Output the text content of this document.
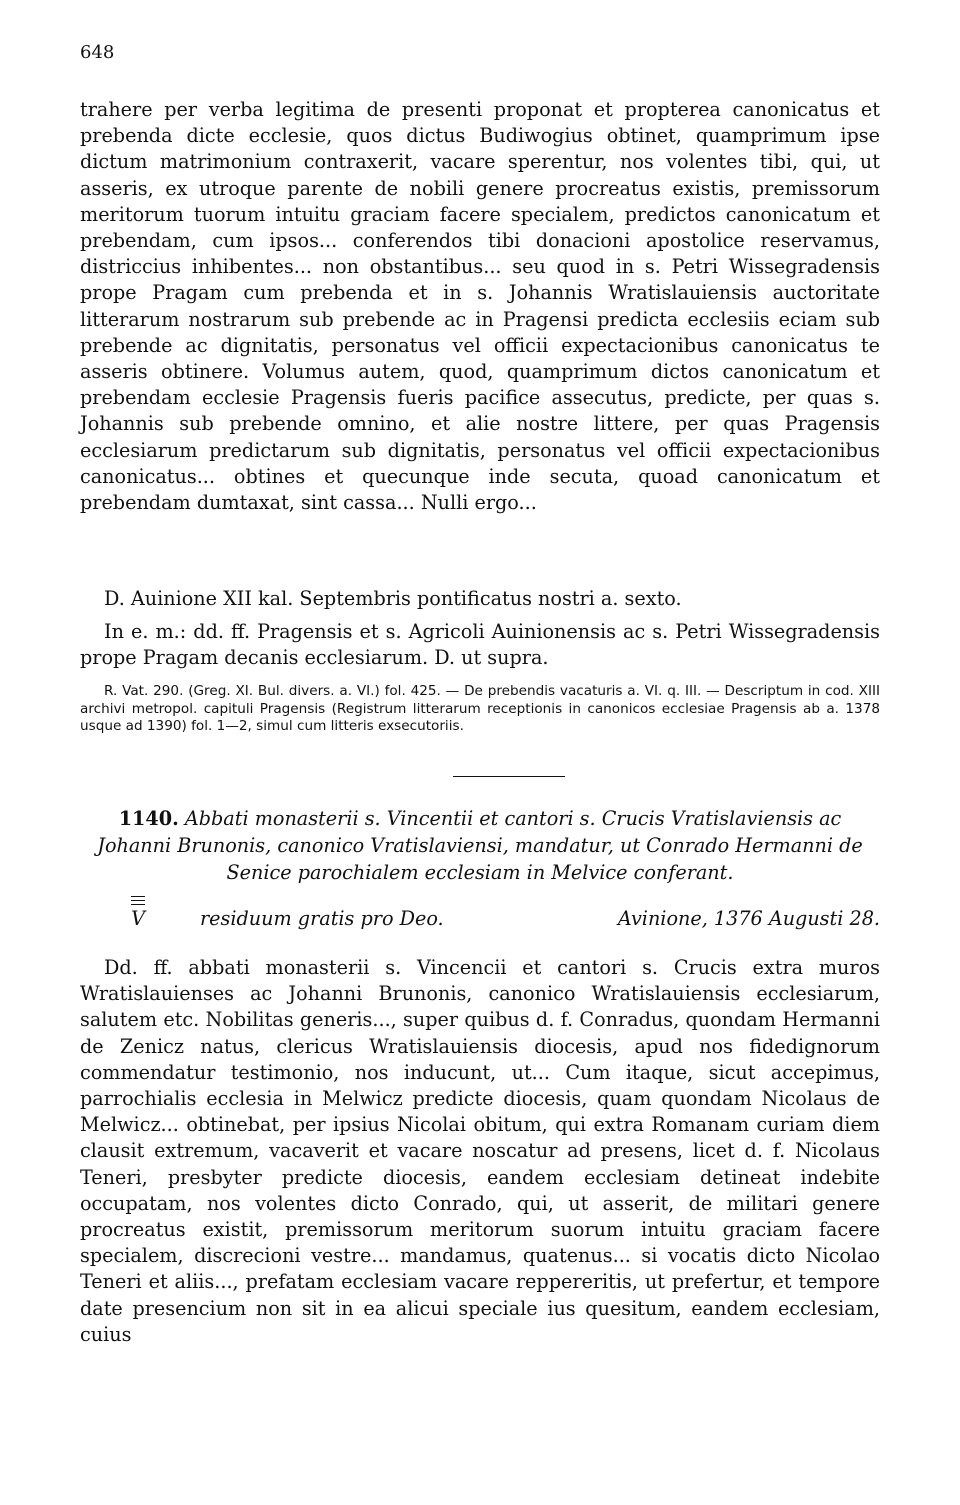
648

trahere per verba legitima de presenti proponat et propterea canonicatus et prebenda dicte ecclesie, quos dictus Budiwogius obtinet, quamprimum ipse dictum matrimonium contraxerit, vacare sperentur, nos volentes tibi, qui, ut asseris, ex utroque parente de nobili genere procreatus existis, premissorum meritorum tuorum intuitu graciam facere specialem, predictos canonicatum et prebendam, cum ipsos... conferendos tibi donacioni apostolice reservamus, districcius inhibentes... non obstantibus... seu quod in s. Petri Wissegradensis prope Pragam cum prebenda et in s. Johannis Wratislauiensis auctoritate litterarum nostrarum sub prebende ac in Pragensi predicta ecclesiis eciam sub prebende ac dignitatis, personatus vel officii expectacionibus canonicatus te asseris obtinere. Volumus autem, quod, quamprimum dictos canonicatum et prebendam ecclesie Pragensis fueris pacifice assecutus, predicte, per quas s. Johannis sub prebende omnino, et alie nostre littere, per quas Pragensis ecclesiarum predictarum sub dignitatis, personatus vel officii expectacionibus canonicatus... obtines et quecunque inde secuta, quoad canonicatum et prebendam dumtaxat, sint cassa... Nulli ergo...

D. Auinione XII kal. Septembris pontificatus nostri a. sexto.

In e. m.: dd. ff. Pragensis et s. Agricoli Auinionensis ac s. Petri Wissegradensis prope Pragam decanis ecclesiarum. D. ut supra.

R. Vat. 290. (Greg. XI. Bul. divers. a. VI.) fol. 425. — De prebendis vacaturis a. VI. q. III. — Descriptum in cod. XIII archivi metropol. capituli Pragensis (Registrum litterarum receptionis in canonicos ecclesiae Pragensis ab a. 1378 usque ad 1390) fol. 1—2, simul cum litteris exsecutoriis.

1140. Abbati monasterii s. Vincentii et cantori s. Crucis Vratislaviensis ac Johanni Brunonis, canonico Vratislaviensi, mandatur, ut Conrado Hermanni de Senice parochialem ecclesiam in Melvice conferant.

V	residuum gratis pro Deo.	Avinione, 1376 Augusti 28.

Dd. ff. abbati monasterii s. Vincencii et cantori s. Crucis extra muros Wratislauienses ac Johanni Brunonis, canonico Wratislauiensis ecclesiarum, salutem etc. Nobilitas generis..., super quibus d. f. Conradus, quondam Hermanni de Zenicz natus, clericus Wratislauiensis diocesis, apud nos fidedignorum commendatur testimonio, nos inducunt, ut... Cum itaque, sicut accepimus, parrochialis ecclesia in Melwicz predicte diocesis, quam quondam Nicolaus de Melwicz... obtinebat, per ipsius Nicolai obitum, qui extra Romanam curiam diem clausit extremum, vacaverit et vacare noscatur ad presens, licet d. f. Nicolaus Teneri, presbyter predicte diocesis, eandem ecclesiam detineat indebite occupatam, nos volentes dicto Conrado, qui, ut asserit, de militari genere procreatus existit, premissorum meritorum suorum intuitu graciam facere specialem, discrecioni vestre... mandamus, quatenus... si vocatis dicto Nicolao Teneri et aliis..., prefatam ecclesiam vacare reppereritis, ut prefertur, et tempore date presencium non sit in ea alicui speciale ius quesitum, eandem ecclesiam, cuius
